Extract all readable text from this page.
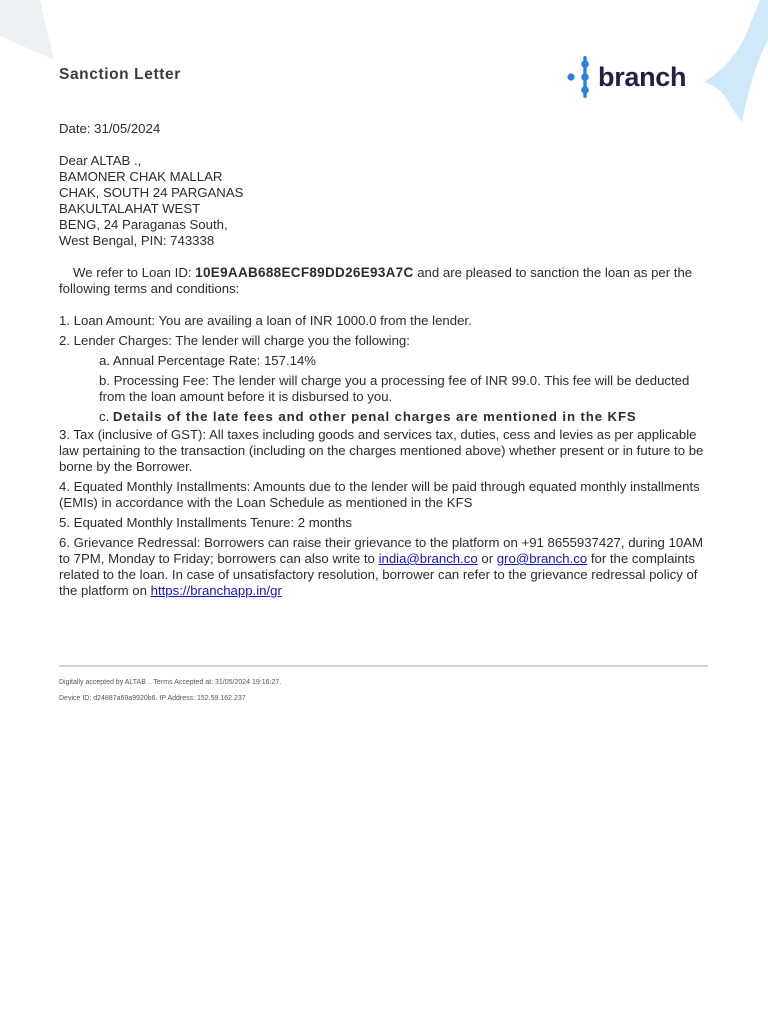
Sanction Letter	branch

Date: 31/05/2024

Dear ALTAB .,
BAMONER CHAK MALLAR
CHAK, SOUTH 24 PARGANAS
BAKULTALAHAT WEST
BENG, 24 Paraganas South,
West Bengal, PIN: 743338

We refer to Loan ID: 10E9AAB688ECF89DD26E93A7C and are pleased to sanction the loan as per the following terms and conditions:

1. Loan Amount: You are availing a loan of INR 1000.0 from the lender.

2. Lender Charges: The lender will charge you the following:

a. Annual Percentage Rate: 157.14%

b. Processing Fee: The lender will charge you a processing fee of INR 99.0. This fee will be deducted from the loan amount before it is disbursed to you.

c. Details of the late fees and other penal charges are mentioned in the KFS

3. Tax (inclusive of GST): All taxes including goods and services tax, duties, cess and levies as per applicable law pertaining to the transaction (including on the charges mentioned above) whether present or in future to be borne by the Borrower.

4. Equated Monthly Installments: Amounts due to the lender will be paid through equated monthly installments (EMIs) in accordance with the Loan Schedule as mentioned in the KFS

5. Equated Monthly Installments Tenure: 2 months

6. Grievance Redressal: Borrowers can raise their grievance to the platform on +91 8655937427, during 10AM to 7PM, Monday to Friday; borrowers can also write to india@branch.co or gro@branch.co for the complaints related to the loan. In case of unsatisfactory resolution, borrower can refer to the grievance redressal policy of the platform on https://branchapp.in/gr

Digitally accepted by ALTAB .. Terms Accepted at: 31/05/2024 19:16:27.
Device ID: d24887a69a9920b6. IP Address: 152.59.162.237
